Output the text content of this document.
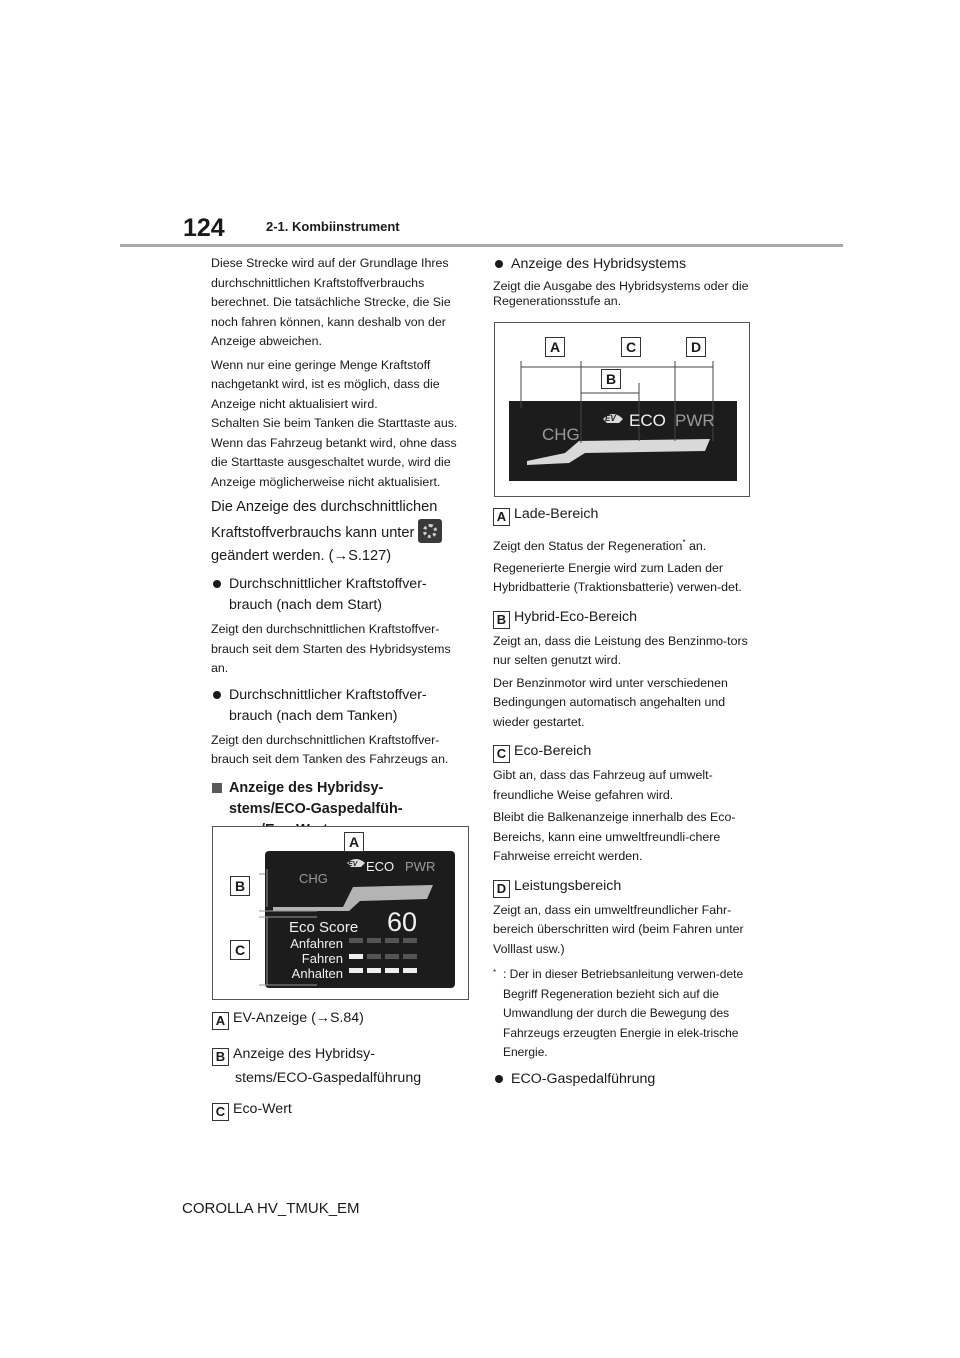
124	2-1. Kombiinstrument

Diese Strecke wird auf der Grundlage Ihres durchschnittlichen Kraftstoffverbrauchs berechnet. Die tatsächliche Strecke, die Sie noch fahren können, kann deshalb von der Anzeige abweichen.

Wenn nur eine geringe Menge Kraftstoff nachgetankt wird, ist es möglich, dass die Anzeige nicht aktualisiert wird.

Schalten Sie beim Tanken die Starttaste aus. Wenn das Fahrzeug betankt wird, ohne dass die Starttaste ausgeschaltet wurde, wird die Anzeige möglicherweise nicht aktualisiert.

Die Anzeige des durchschnittlichen Kraftstoffverbrauchs kann unter
geändert werden. (→S.127)

Durchschnittlicher Kraftstoffver-brauch (nach dem Start)

Zeigt den durchschnittlichen Kraftstoffver-brauch seit dem Starten des Hybridsystems an.

Durchschnittlicher Kraftstoffver-brauch (nach dem Tanken)

Zeigt den durchschnittlichen Kraftstoffver-brauch seit dem Tanken des Fahrzeugs an.

Anzeige des Hybridsy-stems/ECO-Gaspedalfüh-

CHG
ECO PWR
EV
Eco Score 60
Anfahren
Fahren
Anhalten
A
B
C

A EV-Anzeige (→S.84)

B Anzeige des Hybridsy-
stems/ECO-Gaspedalführung

C Eco-Wert

Anzeige des Hybridsystems

Zeigt die Ausgabe des Hybridsystems oder die Regenerationsstufe an.

CHG
ECO PWR
EV
A	C	D
B

A Lade-Bereich

Zeigt den Status der Regeneration* an.

Regenerierte Energie wird zum Laden der Hybridbatterie (Traktionsbatterie) verwen-det.

B Hybrid-Eco-Bereich

Zeigt an, dass die Leistung des Benzinmo-tors nur selten genutzt wird.

Der Benzinmotor wird unter verschiedenen Bedingungen automatisch angehalten und wieder gestartet.

C Eco-Bereich

Gibt an, dass das Fahrzeug auf umwelt-freundliche Weise gefahren wird.

Bleibt die Balkenanzeige innerhalb des Eco-Bereichs, kann eine umweltfreundli-chere Fahrweise erreicht werden.

D Leistungsbereich

Zeigt an, dass ein umweltfreundlicher Fahr-bereich überschritten wird (beim Fahren unter Volllast usw.)

* : Der in dieser Betriebsanleitung verwen-dete Begriff Regeneration bezieht sich auf die Umwandlung der durch die Bewegung des Fahrzeugs erzeugten Energie in elek-trische Energie.

ECO-Gaspedalführung

COROLLA HV_TMUK_EM
